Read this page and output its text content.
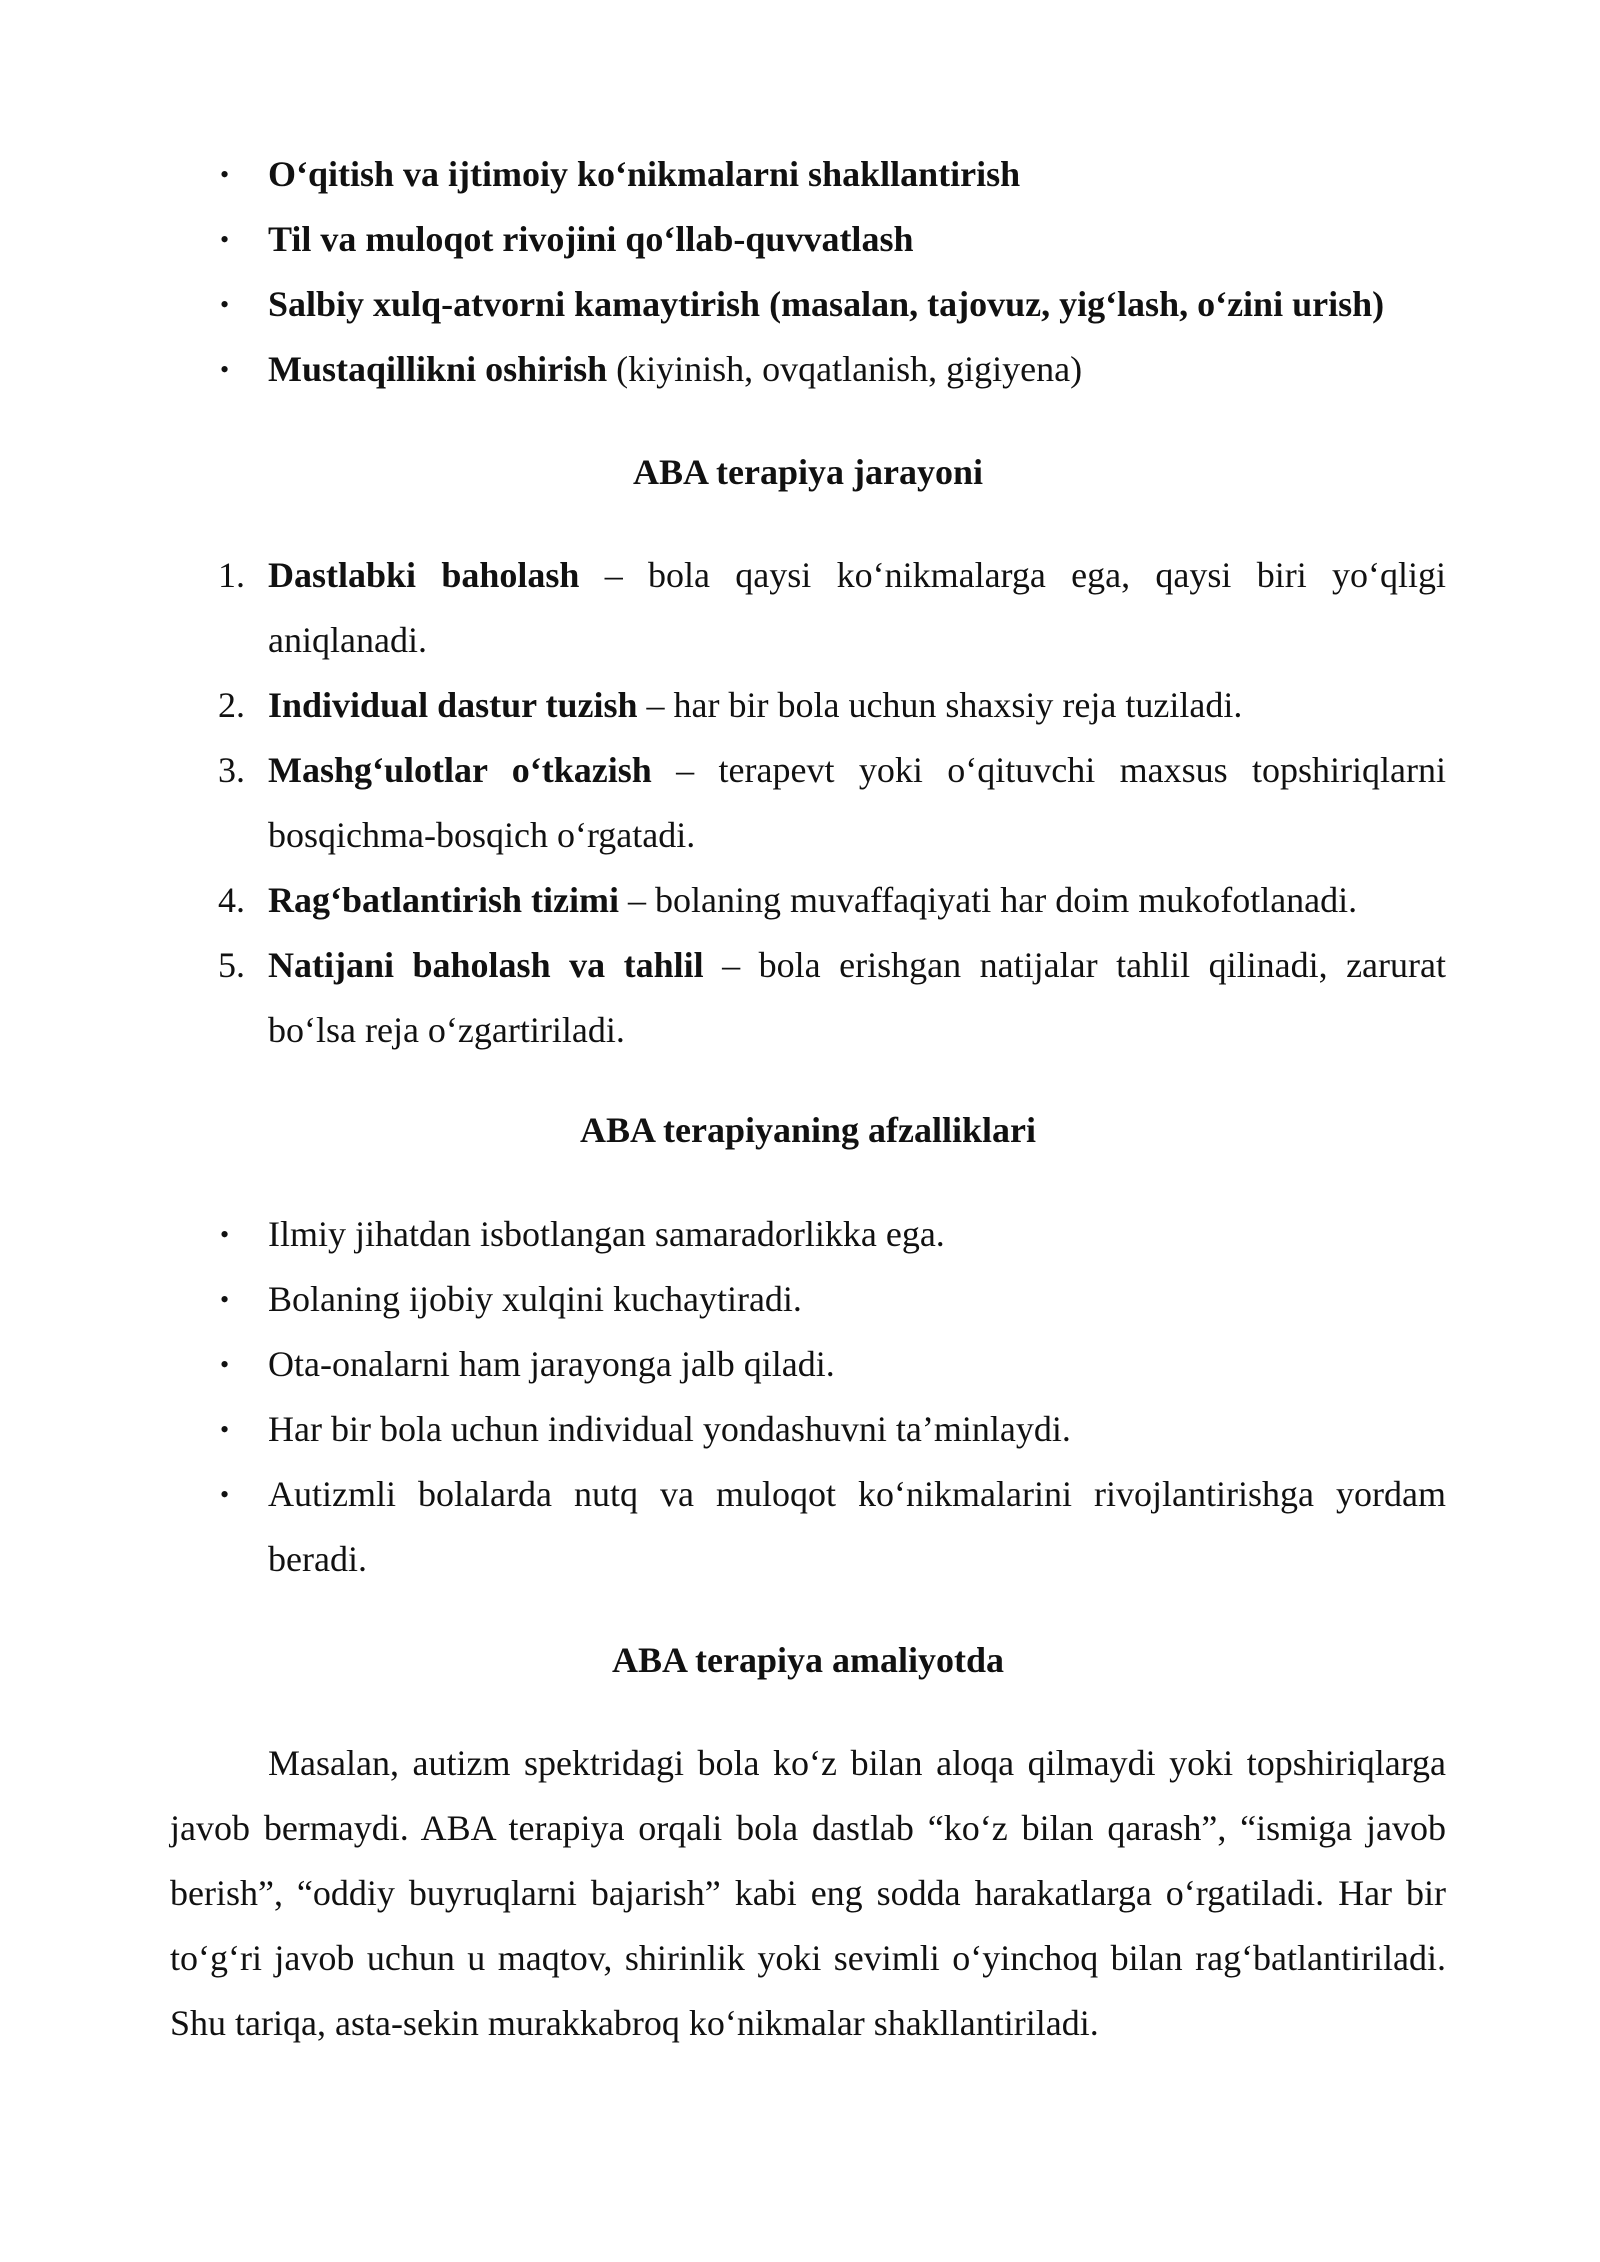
• O‘qitish va ijtimoiy ko‘nikmalarni shakllantirish
• Til va muloqot rivojini qo‘llab-quvvatlash
• Salbiy xulq-atvorni kamaytirish (masalan, tajovuz, yig‘lash, o‘zini urish)
• Mustaqillikni oshirish (kiyinish, ovqatlanish, gigiyena)
ABA terapiya jarayoni
1. Dastlabki baholash – bola qaysi ko‘nikmalarga ega, qaysi biri yo‘qligi aniqlanadi.
2. Individual dastur tuzish – har bir bola uchun shaxsiy reja tuziladi.
3. Mashg‘ulotlar o‘tkazish – terapevt yoki o‘qituvchi maxsus topshiriqlarni bosqichma-bosqich o‘rgatadi.
4. Rag‘batlantirish tizimi – bolaning muvaffaqiyati har doim mukofotlanadi.
5. Natijani baholash va tahlil – bola erishgan natijalar tahlil qilinadi, zarurat bo‘lsa reja o‘zgartiriladi.
ABA terapiyaning afzalliklari
• Ilmiy jihatdan isbotlangan samaradorlikka ega.
• Bolaning ijobiy xulqini kuchaytiradi.
• Ota-onalarni ham jarayonga jalb qiladi.
• Har bir bola uchun individual yondashuvni ta’minlaydi.
• Autizmli bolalarda nutq va muloqot ko‘nikmalarini rivojlantirishga yordam beradi.
ABA terapiya amaliyotda

Masalan, autizm spektridagi bola ko‘z bilan aloqa qilmaydi yoki topshiriqlarga javob bermaydi. ABA terapiya orqali bola dastlab “ko‘z bilan qarash”, “ismiga javob berish”, “oddiy buyruqlarni bajarish” kabi eng sodda harakatlarga o‘rgatiladi. Har bir to‘g‘ri javob uchun u maqtov, shirinlik yoki sevimli o‘yinchoq bilan rag‘batlantiriladi. Shu tariqa, asta-sekin murakkabroq ko‘nikmalar shakllantiriladi.
